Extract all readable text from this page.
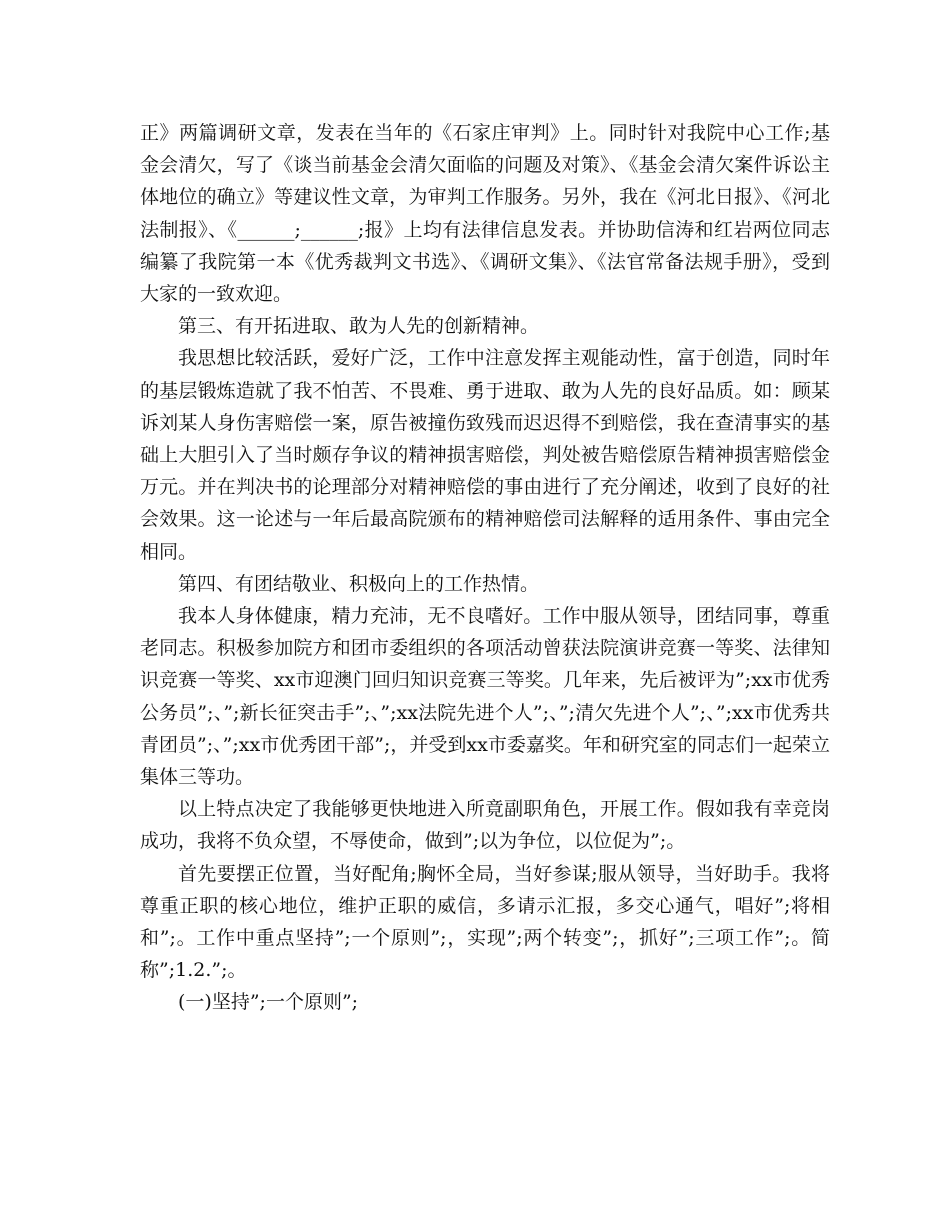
正》两篇调研文章，发表在当年的《石家庄审判》上。同时针对我院中心工作;基金会清欠，写了《谈当前基金会清欠面临的问题及对策》、《基金会清欠案件诉讼主体地位的确立》等建议性文章，为审判工作服务。另外，我在《河北日报》、《河北法制报》、《______;______;报》上均有法律信息发表。并协助信涛和红岩两位同志编纂了我院第一本《优秀裁判文书选》、《调研文集》、《法官常备法规手册》，受到大家的一致欢迎。

第三、有开拓进取、敢为人先的创新精神。

我思想比较活跃，爱好广泛，工作中注意发挥主观能动性，富于创造，同时年的基层锻炼造就了我不怕苦、不畏难、勇于进取、敢为人先的良好品质。如：顾某诉刘某人身伤害赔偿一案，原告被撞伤致残而迟迟得不到赔偿，我在查清事实的基础上大胆引入了当时颇存争议的精神损害赔偿，判处被告赔偿原告精神损害赔偿金万元。并在判决书的论理部分对精神赔偿的事由进行了充分阐述，收到了良好的社会效果。这一论述与一年后最高院颁布的精神赔偿司法解释的适用条件、事由完全相同。

第四、有团结敬业、积极向上的工作热情。

我本人身体健康，精力充沛，无不良嗜好。工作中服从领导，团结同事，尊重老同志。积极参加院方和团市委组织的各项活动曾获法院演讲竞赛一等奖、法律知识竞赛一等奖、xx市迎澳门回归知识竞赛三等奖。几年来，先后被评为”;xx市优秀公务员”;、”;新长征突击手”;、”;xx法院先进个人”;、”;清欠先进个人”;、”;xx市优秀共青团员”;、”;xx市优秀团干部”;，并受到xx市委嘉奖。年和研究室的同志们一起荣立集体三等功。

以上特点决定了我能够更快地进入所竟副职角色，开展工作。假如我有幸竞岗成功，我将不负众望，不辱使命，做到”;以为争位，以位促为”;。

首先要摆正位置，当好配角;胸怀全局，当好参谋;服从领导，当好助手。我将尊重正职的核心地位，维护正职的威信，多请示汇报，多交心通气，唱好”;将相和”;。工作中重点坚持”;一个原则”;，实现”;两个转变”;，抓好”;三项工作”;。简称”;1.2.”;。

(一)坚持”;一个原则”;
